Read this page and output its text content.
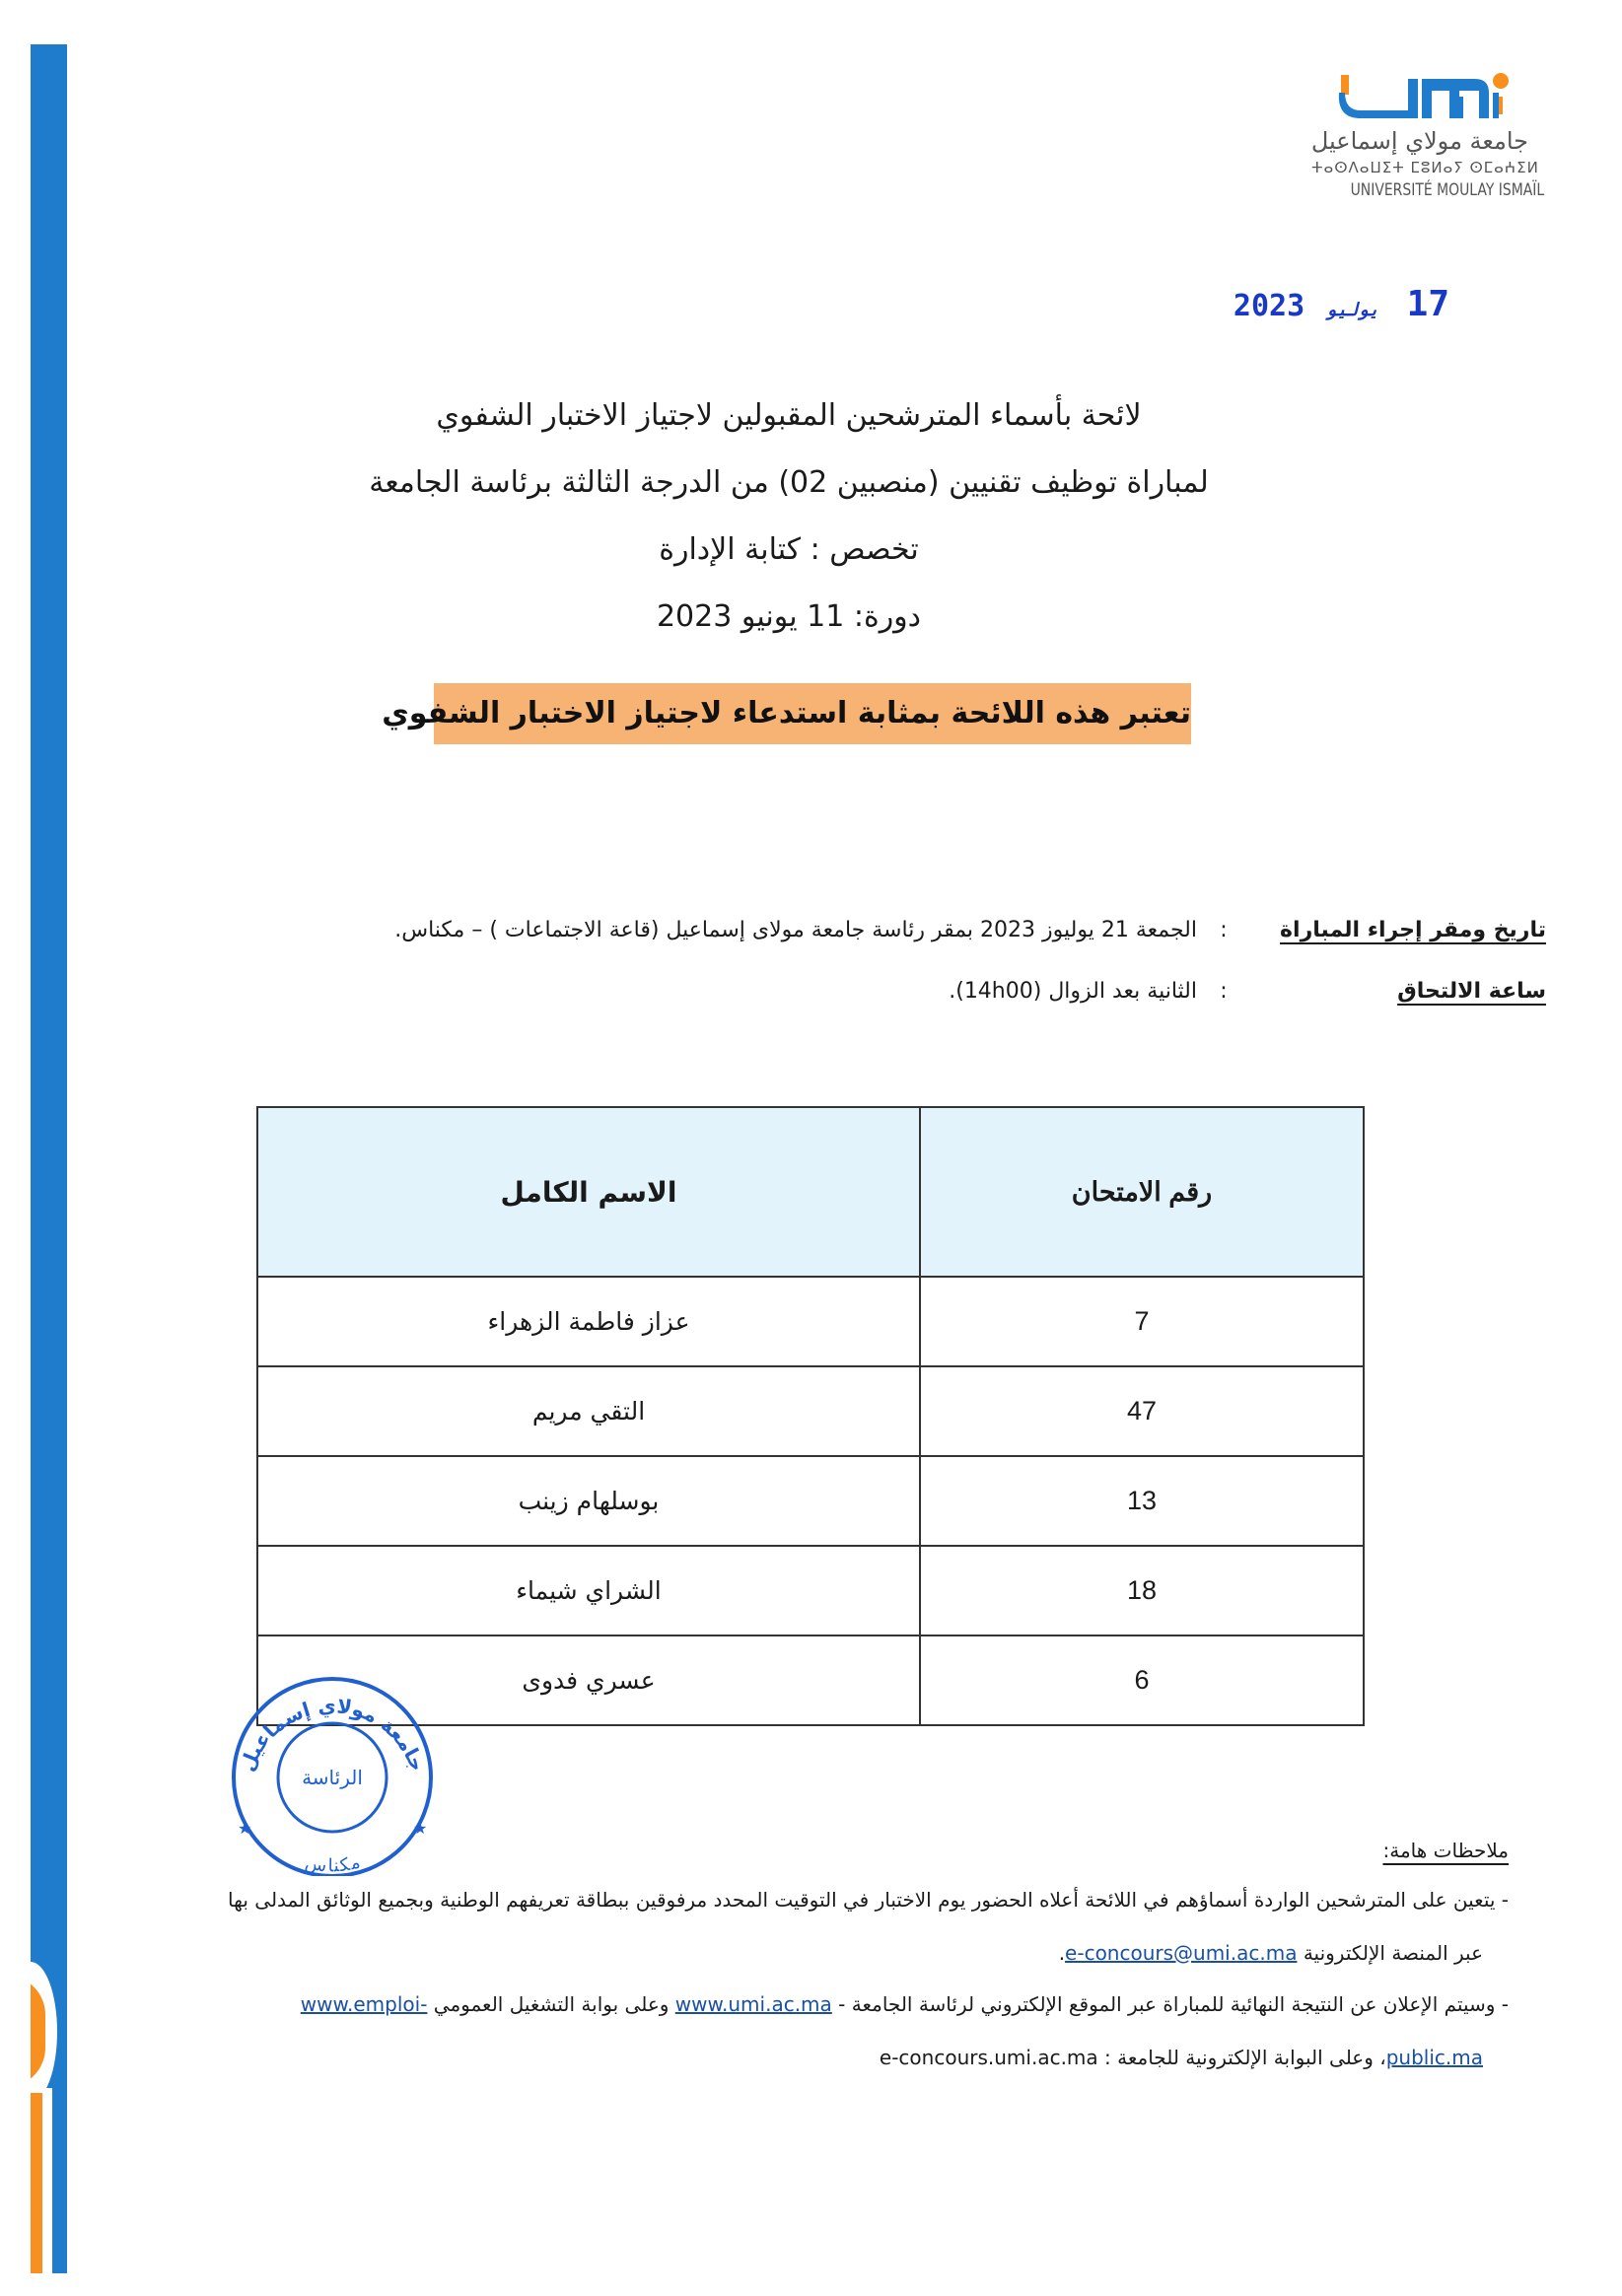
جامعة مولاي إسماعيل
ⵜⴰⵙⴷⴰⵡⵉⵜ ⵎⵓⵍⴰⵢ ⵙⵎⴰⵄⵉⵍ
UNIVERSITÉ MOULAY ISMAÏL
17 يوليو 2023
لائحة بأسماء المترشحين المقبولين لاجتياز الاختبار الشفوي
لمباراة توظيف تقنيين (منصبين 02) من الدرجة الثالثة برئاسة الجامعة
تخصص : كتابة الإدارة
دورة: 11 يونيو 2023
تعتبر هذه اللائحة بمثابة استدعاء لاجتياز الاختبار الشفوي
تاريخ ومقر إجراء المباراة : الجمعة 21 يوليوز 2023 بمقر رئاسة جامعة مولاى إسماعيل (قاعة الاجتماعات ) – مكناس.
ساعة الالتحاق : الثانية بعد الزوال (14h00).
رقم الامتحان	الاسم الكامل
7	عزاز فاطمة الزهراء
47	التقي مريم
13	بوسلهام زينب
18	الشراي شيماء
6	عسري فدوى
جامعة مولاي إسماعيل
الرئاسة
مكناس
★	★
ملاحظات هامة:
- يتعين على المترشحين الواردة أسماؤهم في اللائحة أعلاه الحضور يوم الاختبار في التوقيت المحدد مرفوقين ببطاقة تعريفهم الوطنية وبجميع الوثائق المدلى بها
عبر المنصة الإلكترونية e-concours@umi.ac.ma.
- وسيتم الإعلان عن النتيجة النهائية للمباراة عبر الموقع الإلكتروني لرئاسة الجامعة - www.umi.ac.ma وعلى بوابة التشغيل العمومي www.emploi-
public.ma، وعلى البوابة الإلكترونية للجامعة : e-concours.umi.ac.ma
